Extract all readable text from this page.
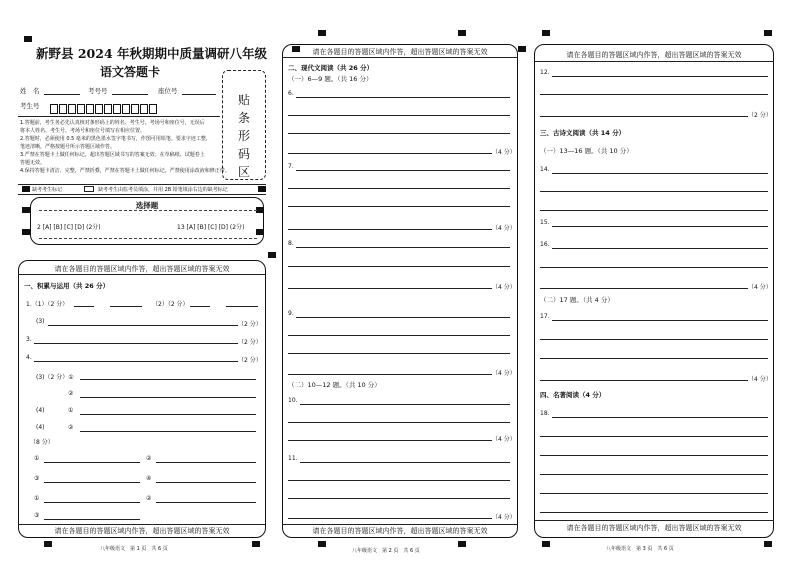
新野县 2024 年秋期期中质量调研八年级
语文答题卡
姓　名	考号号	座位号
考生号	贴
条
形
码
区
1.答题前，考生务必先认真核对条形码上的姓名、考生号、考场号和座位号，无误后
将本人姓名、考生号、考场号和座位号填写在相应位置。
2.答题时，必须使用 0.5 毫米的黑色墨水签字笔书写，作图可用铅笔。要求字迹工整，
笔迹清晰，严格按题号所示答题区域作答。
3.严禁在答题卡上做任何标记，超出答题区域书写的答案无效；在草稿纸、试题卷上
答题无效。
4.保持答题卡清洁、完整，严禁折叠，严禁在答题卡上做任何标记，严禁使用涂改液和修正带。
缺考考生标记	缺考考生由监考员填涂，并用 2B 铅笔填涂右边的缺考标记
选择题
2 [A] [B] [C] [D] (2分)	13 [A] [B] [C] [D] (2分)
请在各题目的答题区域内作答，超出答题区域的答案无效
一、积累与运用（共 26 分）
1.（1）（2 分）	（2）（2 分）
(3)	（2 分）
3.	（2 分）
4.	（2 分）
(3)（2 分）①
②
(4)	①
(4)	②
（8 分）
①	②
③	④
①	②
③
请在各题目的答题区域内作答，超出答题区域的答案无效
八年级语文　第 1 页　共 6 页
请在各题目的答题区域内作答，超出答题区域的答案无效
二、现代文阅读（共 26 分）
（一）6—9 题。（共 16 分）
6.
（4 分）
7.
（4 分）
8.
（4 分）
9.
（4 分）
（二）10—12 题。（共 10 分）
10.
（4 分）
11.
（4 分）
请在各题目的答题区域内作答，超出答题区域的答案无效
八年级语文　第 2 页　共 6 页
请在各题目的答题区域内作答，超出答题区域的答案无效
12.
（2 分）
三、古诗文阅读（共 14 分）
（一）13—16 题。（共 10 分）
14.
15.
16.
（4 分）
（二）17 题。（共 4 分）
17.
（4 分）
四、名著阅读（4 分）
18.
请在各题目的答题区域内作答，超出答题区域的答案无效
八年级语文　第 3 页　共 6 页
